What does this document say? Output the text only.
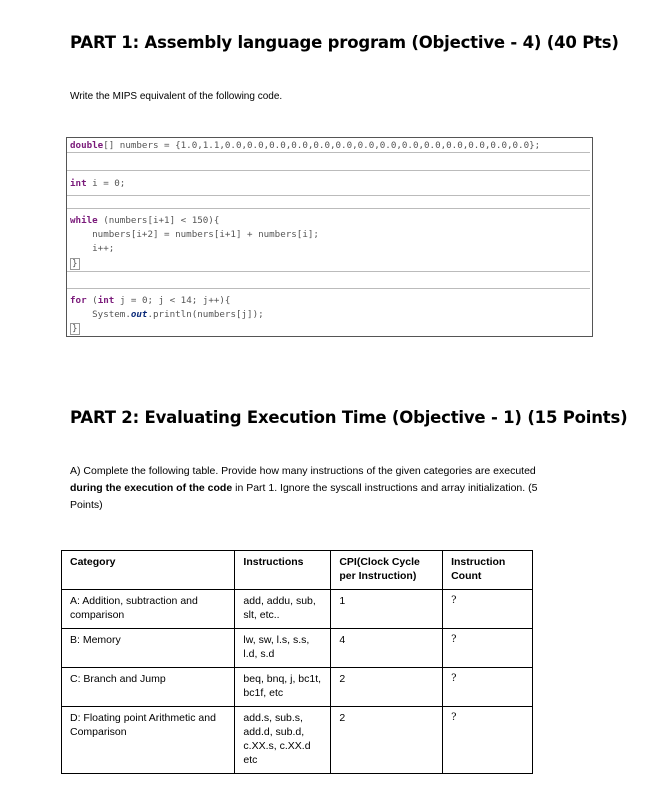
PART 1: Assembly language program (Objective - 4) (40 Pts)
Write the MIPS equivalent of the following code.
double[] numbers = {1.0,1.1,0.0,0.0,0.0,0.0,0.0,0.0,0.0,0.0,0.0,0.0,0.0,0.0,0.0,0.0};
int i = 0;
while (numbers[i+1] < 150){
numbers[i+2] = numbers[i+1] + numbers[i];
i++;
}
for (int j = 0; j < 14; j++){
System.out.println(numbers[j]);
}
PART 2: Evaluating Execution Time (Objective - 1) (15 Points)
A) Complete the following table. Provide how many instructions of the given categories are executed
during the execution of the code in Part 1. Ignore the syscall instructions and array initialization. (5
Points)
Category	Instructions	CPI(Clock Cycle per Instruction)	Instruction Count
A: Addition, subtraction and comparison	add, addu, sub, slt, etc..	1	?
B: Memory	lw, sw, l.s, s.s, l.d, s.d	4	?
C: Branch and Jump	beq, bnq, j, bc1t, bc1f, etc	2	?
D: Floating point Arithmetic and Comparison	add.s, sub.s, add.d, sub.d, c.XX.s, c.XX.d etc	2	?
